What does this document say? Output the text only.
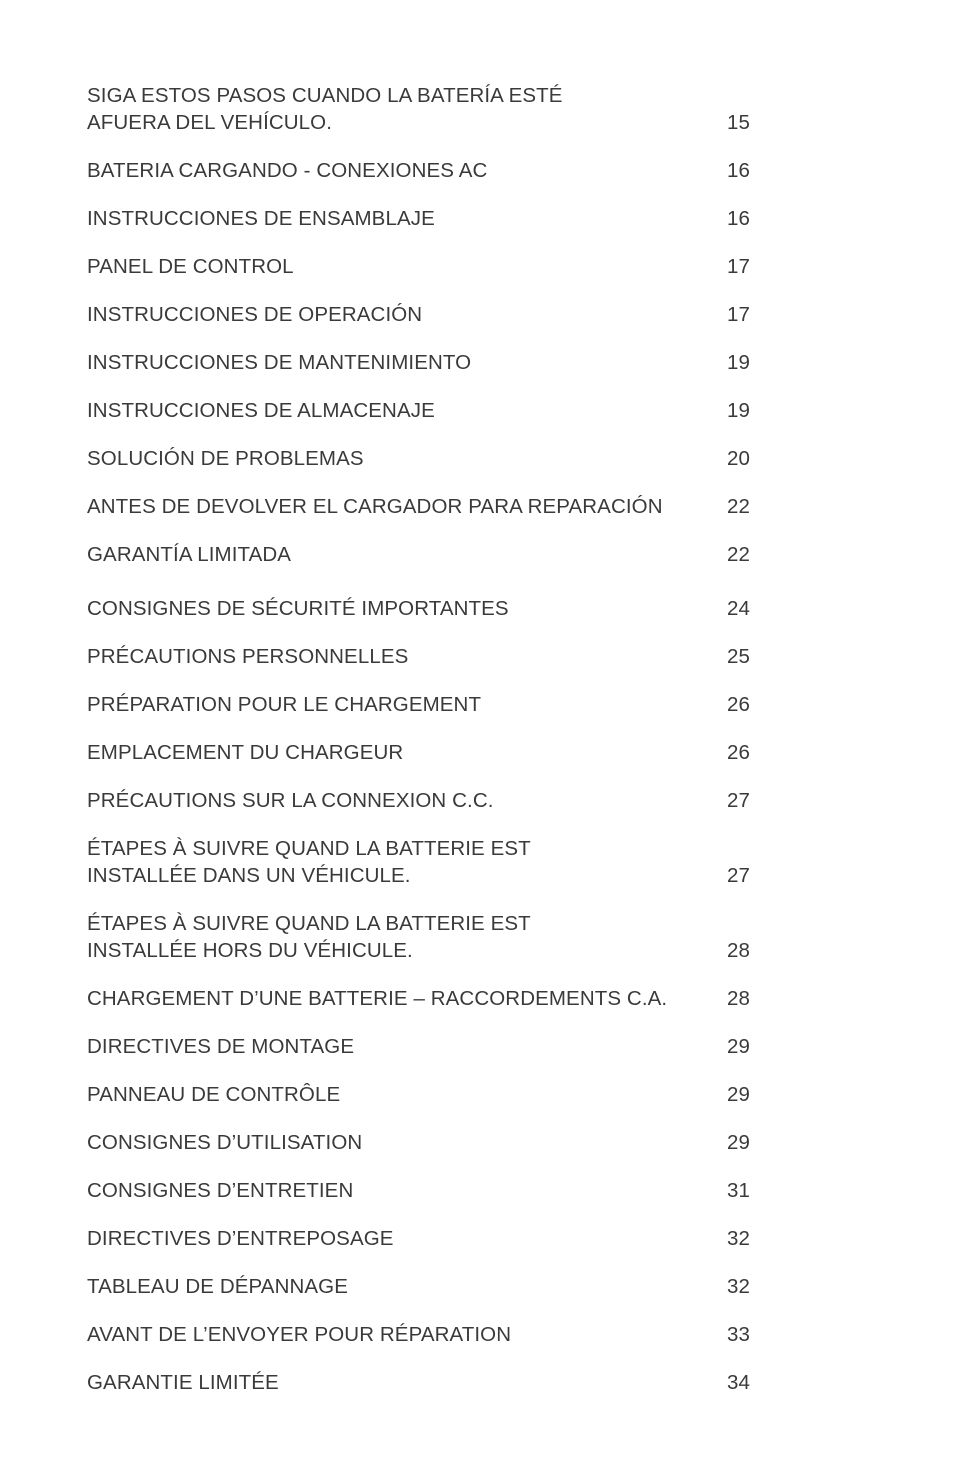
SIGA ESTOS PASOS CUANDO LA BATERÍA ESTÉ
AFUERA DEL VEHÍCULO.	15
BATERIA CARGANDO - CONEXIONES AC	16
INSTRUCCIONES DE ENSAMBLAJE	16
PANEL DE CONTROL	17
INSTRUCCIONES DE OPERACIÓN	17
INSTRUCCIONES DE MANTENIMIENTO	19
INSTRUCCIONES DE ALMACENAJE	19
SOLUCIÓN DE PROBLEMAS	20
ANTES DE DEVOLVER EL CARGADOR PARA REPARACIÓN	22
GARANTÍA LIMITADA	22
CONSIGNES DE SÉCURITÉ IMPORTANTES	24
PRÉCAUTIONS PERSONNELLES	25
PRÉPARATION POUR LE CHARGEMENT	26
EMPLACEMENT DU CHARGEUR	26
PRÉCAUTIONS SUR LA CONNEXION C.C.	27
ÉTAPES À SUIVRE QUAND LA BATTERIE EST
INSTALLÉE DANS UN VÉHICULE.	27
ÉTAPES À SUIVRE QUAND LA BATTERIE EST
INSTALLÉE HORS DU VÉHICULE.	28
CHARGEMENT D’UNE BATTERIE – RACCORDEMENTS C.A.	28
DIRECTIVES DE MONTAGE	29
PANNEAU DE CONTRÔLE	29
CONSIGNES D’UTILISATION	29
CONSIGNES D’ENTRETIEN	31
DIRECTIVES D’ENTREPOSAGE	32
TABLEAU DE DÉPANNAGE	32
AVANT DE L’ENVOYER POUR RÉPARATION	33
GARANTIE LIMITÉE	34
